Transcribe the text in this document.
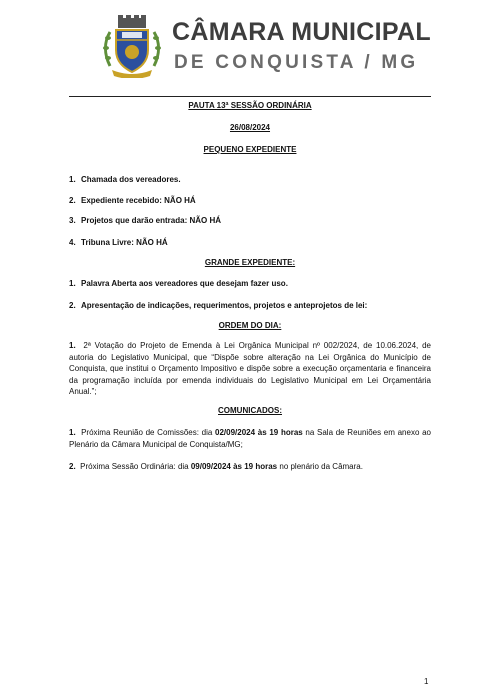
CÂMARA MUNICIPAL
DE CONQUISTA / MG
PAUTA 13ª SESSÃO ORDINÁRIA
26/08/2024
PEQUENO EXPEDIENTE
1. Chamada dos vereadores.
2. Expediente recebido: NÃO HÁ
3. Projetos que darão entrada: NÃO HÁ
4. Tribuna Livre: NÃO HÁ
GRANDE EXPEDIENTE:
1. Palavra Aberta aos vereadores que desejam fazer uso.
2. Apresentação de indicações, requerimentos, projetos e anteprojetos de lei:
ORDEM DO DIA:
1. 2ª Votação do Projeto de Emenda à Lei Orgânica Municipal nº 002/2024, de 10.06.2024, de autoria do Legislativo Municipal, que “Dispõe sobre alteração na Lei Orgânica do Município de Conquista, que institui o Orçamento Impositivo e dispõe sobre a execução orçamentaria e financeira da programação incluída por emenda individuais do Legislativo Municipal em Lei Orçamentária Anual.”;
COMUNICADOS:
1. Próxima Reunião de Comissões: dia 02/09/2024 às 19 horas na Sala de Reuniões em anexo ao Plenário da Câmara Municipal de Conquista/MG;
2. Próxima Sessão Ordinária: dia 09/09/2024 às 19 horas no plenário da Câmara.
1
